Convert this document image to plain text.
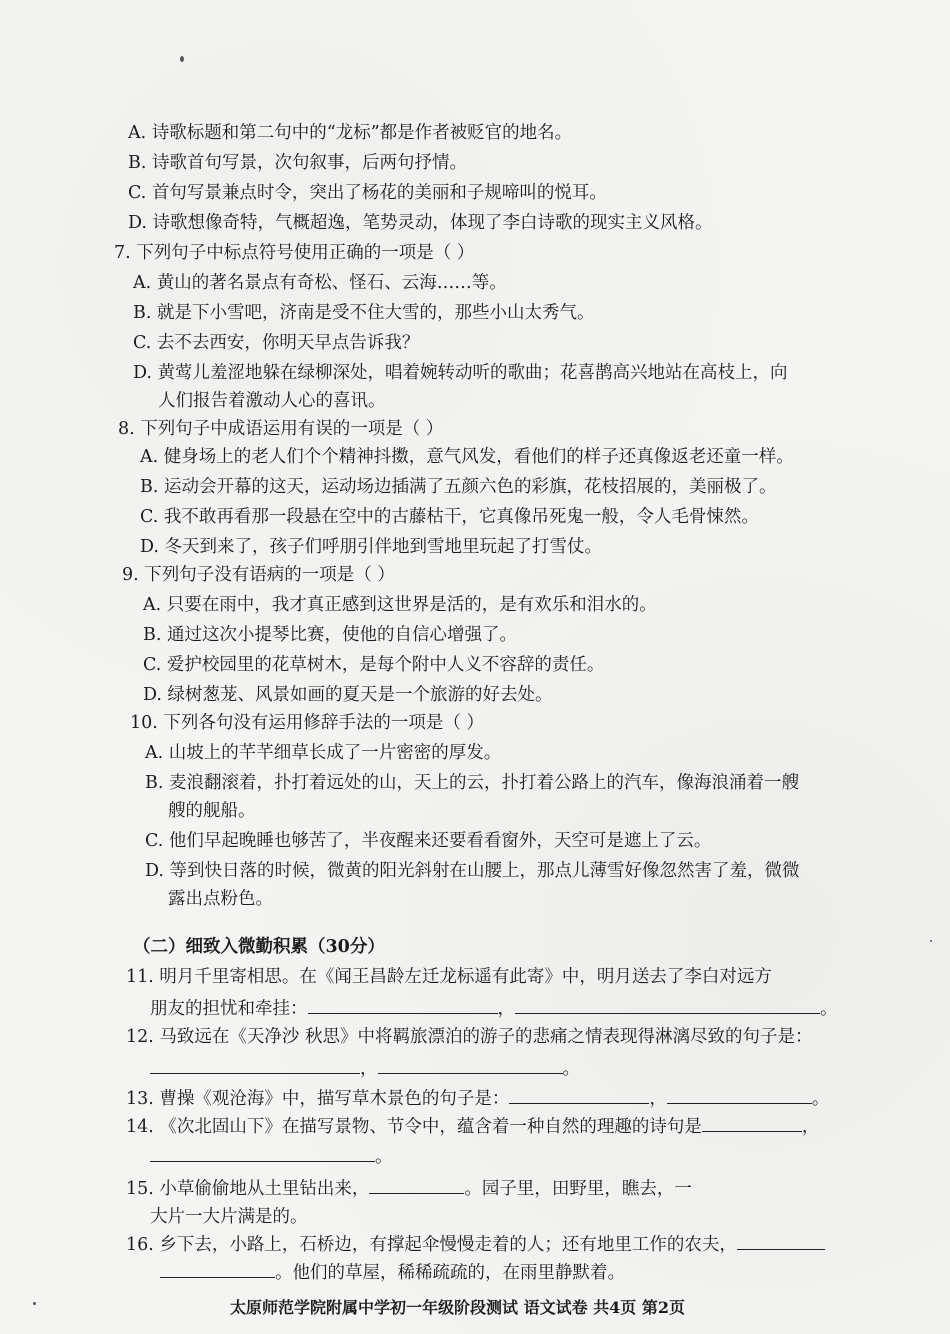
A. 诗歌标题和第二句中的“龙标”都是作者被贬官的地名。
B. 诗歌首句写景，次句叙事，后两句抒情。
C. 首句写景兼点时令，突出了杨花的美丽和子规啼叫的悦耳。
D. 诗歌想像奇特，气概超逸，笔势灵动，体现了李白诗歌的现实主义风格。
7. 下列句子中标点符号使用正确的一项是（ ）
A. 黄山的著名景点有奇松、怪石、云海……等。
B. 就是下小雪吧，济南是受不住大雪的，那些小山太秀气。
C. 去不去西安，你明天早点告诉我？
D. 黄莺儿羞涩地躲在绿柳深处，唱着婉转动听的歌曲；花喜鹊高兴地站在高枝上，向
人们报告着激动人心的喜讯。
8. 下列句子中成语运用有误的一项是（ ）
A. 健身场上的老人们个个精神抖擞，意气风发，看他们的样子还真像返老还童一样。
B. 运动会开幕的这天，运动场边插满了五颜六色的彩旗，花枝招展的，美丽极了。
C. 我不敢再看那一段悬在空中的古藤枯干，它真像吊死鬼一般，令人毛骨悚然。
D. 冬天到来了，孩子们呼朋引伴地到雪地里玩起了打雪仗。
9. 下列句子没有语病的一项是（ ）
A. 只要在雨中，我才真正感到这世界是活的，是有欢乐和泪水的。
B. 通过这次小提琴比赛，使他的自信心增强了。
C. 爱护校园里的花草树木，是每个附中人义不容辞的责任。
D. 绿树葱茏、风景如画的夏天是一个旅游的好去处。
10. 下列各句没有运用修辞手法的一项是（ ）
A. 山坡上的芊芊细草长成了一片密密的厚发。
B. 麦浪翻滚着，扑打着远处的山，天上的云，扑打着公路上的汽车，像海浪涌着一艘
艘的舰船。
C. 他们早起晚睡也够苦了，半夜醒来还要看看窗外，天空可是遮上了云。
D. 等到快日落的时候，微黄的阳光斜射在山腰上，那点儿薄雪好像忽然害了羞，微微
露出点粉色。
（二）细致入微勤积累（30分）
11. 明月千里寄相思。在《闻王昌龄左迁龙标遥有此寄》中，明月送去了李白对远方
朋友的担忧和牵挂：	，	。
12. 马致远在《天净沙 秋思》中将羁旅漂泊的游子的悲痛之情表现得淋漓尽致的句子是：
，	。
13. 曹操《观沧海》中，描写草木景色的句子是：	，	。
14. 《次北固山下》在描写景物、节令中，蕴含着一种自然的理趣的诗句是	，
。
15. 小草偷偷地从土里钻出来，	。园子里，田野里，瞧去，一
大片一大片满是的。
16. 乡下去，小路上，石桥边，有撑起伞慢慢走着的人；还有地里工作的农夫，
。他们的草屋，稀稀疏疏的，在雨里静默着。
太原师范学院附属中学初一年级阶段测试 语文试卷 共4页 第2页
